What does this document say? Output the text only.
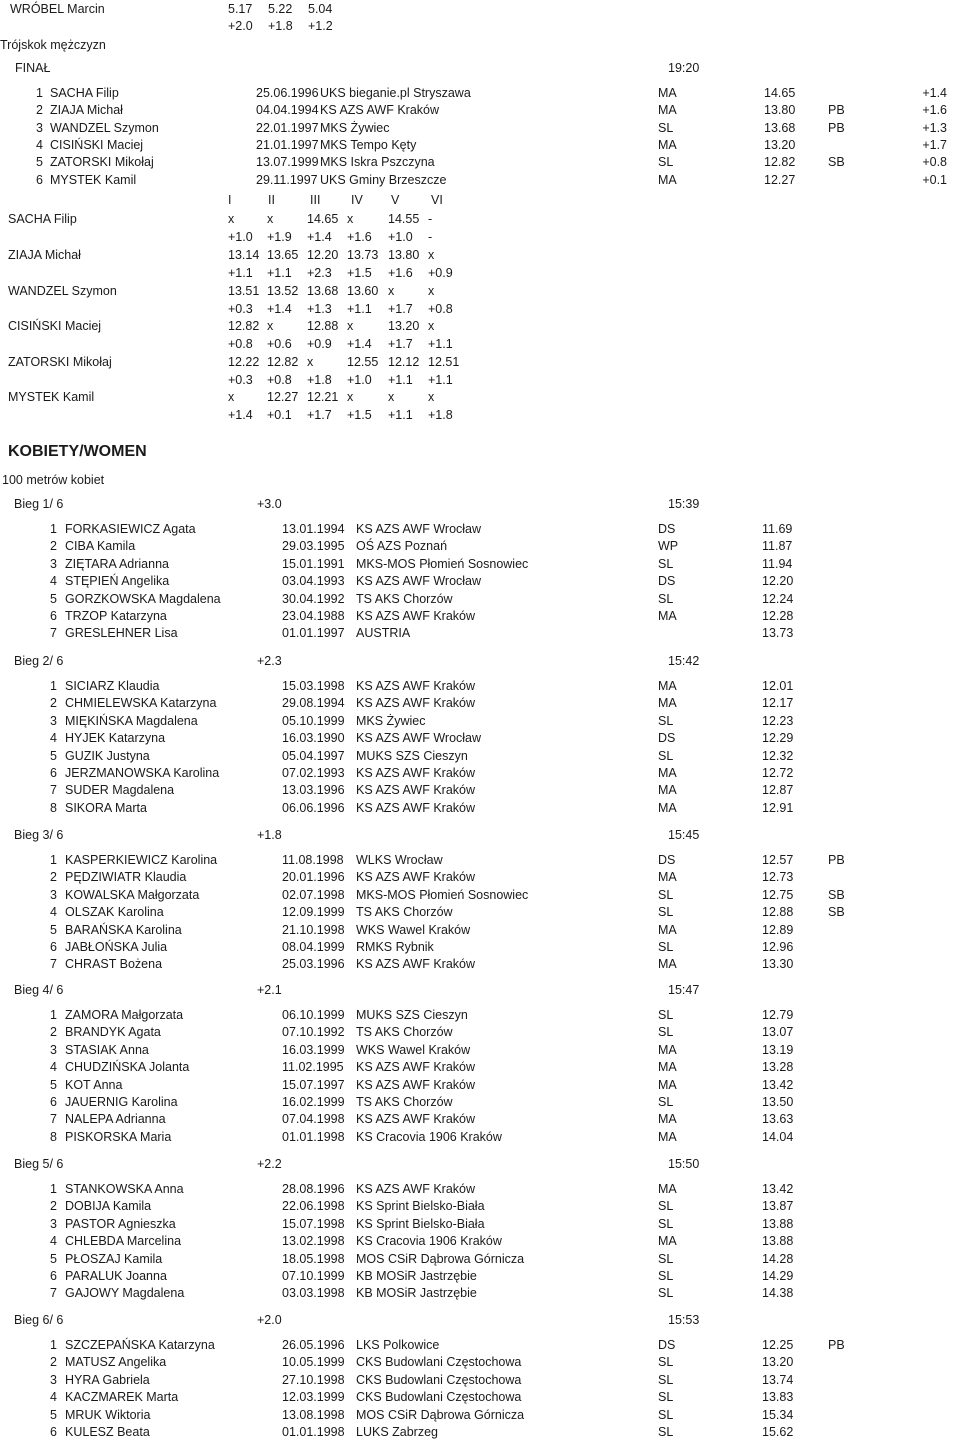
WRÓBEL Marcin	5.17 5.22 5.04
+2.0 +1.8 +1.2
Trójskok mężczyzn
FINAŁ	19:20
1 SACHA Filip	25.06.1996 UKS bieganie.pl Stryszawa	MA	14.65	+1.4
2 ZIAJA Michał	04.04.1994 KS AZS AWF Kraków	MA	13.80	PB	+1.6
3 WANDZEL Szymon	22.01.1997 MKS Żywiec	SL	13.68	PB	+1.3
4 CISIŃSKI Maciej	21.01.1997 MKS Tempo Kęty	MA	13.20	+1.7
5 ZATORSKI Mikołaj	13.07.1999 MKS Iskra Pszczyna	SL	12.82	SB	+0.8
6 MYSTEK Kamil	29.11.1997 UKS Gminy Brzeszcze	MA	12.27	+0.1
I	II	III IV V	VI
SACHA Filip	x	x	14.65 x	14.55 -
+1.0 +1.9 +1.4 +1.6 +1.0 -
ZIAJA Michał	13.14 13.65 12.20 13.73 13.80 x
+1.1 +1.1 +2.3 +1.5 +1.6 +0.9
WANDZEL Szymon	13.51 13.52 13.68 13.60 x	x
+0.3 +1.4 +1.3 +1.1 +1.7 +0.8
CISIŃSKI Maciej	12.82 x	12.88 x	13.20 x
+0.8 +0.6 +0.9 +1.4 +1.7 +1.1
ZATORSKI Mikołaj	12.22 12.82 x	12.55 12.12 12.51
+0.3 +0.8 +1.8 +1.0 +1.1 +1.1
MYSTEK Kamil	x	12.27 12.21 x	x	x
+1.4 +0.1 +1.7 +1.5 +1.1 +1.8
KOBIETY/WOMEN
100 metrów kobiet
Bieg 1/ 6	+3.0	15:39
1 FORKASIEWICZ Agata	13.01.1994 KS AZS AWF Wrocław	DS	11.69
2 CIBA Kamila	29.03.1995 OŚ AZS Poznań	WP	11.87
3 ZIĘTARA Adrianna	15.01.1991 MKS-MOS Płomień Sosnowiec	SL	11.94
4 STĘPIEŃ Angelika	03.04.1993 KS AZS AWF Wrocław	DS	12.20
5 GORZKOWSKA Magdalena	30.04.1992 TS AKS Chorzów	SL	12.24
6 TRZOP Katarzyna	23.04.1988 KS AZS AWF Kraków	MA	12.28
7 GRESLEHNER Lisa	01.01.1997 AUSTRIA	13.73
Bieg 2/ 6	+2.3	15:42
1 SICIARZ Klaudia	15.03.1998 KS AZS AWF Kraków	MA	12.01
2 CHMIELEWSKA Katarzyna	29.08.1994 KS AZS AWF Kraków	MA	12.17
3 MIĘKIŃSKA Magdalena	05.10.1999 MKS Żywiec	SL	12.23
4 HYJEK Katarzyna	16.03.1990 KS AZS AWF Wrocław	DS	12.29
5 GUZIK Justyna	05.04.1997 MUKS SZS Cieszyn	SL	12.32
6 JERZMANOWSKA Karolina	07.02.1993 KS AZS AWF Kraków	MA	12.72
7 SUDER Magdalena	13.03.1996 KS AZS AWF Kraków	MA	12.87
8 SIKORA Marta	06.06.1996 KS AZS AWF Kraków	MA	12.91
Bieg 3/ 6	+1.8	15:45
1 KASPERKIEWICZ Karolina	11.08.1998 WLKS Wrocław	DS	12.57	PB
2 PĘDZIWIATR Klaudia	20.01.1996 KS AZS AWF Kraków	MA	12.73
3 KOWALSKA Małgorzata	02.07.1998 MKS-MOS Płomień Sosnowiec	SL	12.75	SB
4 OLSZAK Karolina	12.09.1999 TS AKS Chorzów	SL	12.88	SB
5 BARAŃSKA Karolina	21.10.1998 WKS Wawel Kraków	MA	12.89
6 JABŁOŃSKA Julia	08.04.1999 RMKS Rybnik	SL	12.96
7 CHRAST Bożena	25.03.1996 KS AZS AWF Kraków	MA	13.30
Bieg 4/ 6	+2.1	15:47
1 ZAMORA Małgorzata	06.10.1999 MUKS SZS Cieszyn	SL	12.79
2 BRANDYK Agata	07.10.1992 TS AKS Chorzów	SL	13.07
3 STASIAK Anna	16.03.1999 WKS Wawel Kraków	MA	13.19
4 CHUDZIŃSKA Jolanta	11.02.1995 KS AZS AWF Kraków	MA	13.28
5 KOT Anna	15.07.1997 KS AZS AWF Kraków	MA	13.42
6 JAUERNIG Karolina	16.02.1999 TS AKS Chorzów	SL	13.50
7 NALEPA Adrianna	07.04.1998 KS AZS AWF Kraków	MA	13.63
8 PISKORSKA Maria	01.01.1998 KS Cracovia 1906 Kraków	MA	14.04
Bieg 5/ 6	+2.2	15:50
1 STANKOWSKA Anna	28.08.1996 KS AZS AWF Kraków	MA	13.42
2 DOBIJA Kamila	22.06.1998 KS Sprint Bielsko-Biała	SL	13.87
3 PASTOR Agnieszka	15.07.1998 KS Sprint Bielsko-Biała	SL	13.88
4 CHLEBDA Marcelina	13.02.1998 KS Cracovia 1906 Kraków	MA	13.88
5 PŁOSZAJ Kamila	18.05.1998 MOS CSiR Dąbrowa Górnicza	SL	14.28
6 PARALUK Joanna	07.10.1999 KB MOSiR Jastrzębie	SL	14.29
7 GAJOWY Magdalena	03.03.1998 KB MOSiR Jastrzębie	SL	14.38
Bieg 6/ 6	+2.0	15:53
1 SZCZEPAŃSKA Katarzyna	26.05.1996 LKS Polkowice	DS	12.25	PB
2 MATUSZ Angelika	10.05.1999 CKS Budowlani Częstochowa	SL	13.20
3 HYRA Gabriela	27.10.1998 CKS Budowlani Częstochowa	SL	13.74
4 KACZMAREK Marta	12.03.1999 CKS Budowlani Częstochowa	SL	13.83
5 MRUK Wiktoria	13.08.1998 MOS CSiR Dąbrowa Górnicza	SL	15.34
6 KULESZ Beata	01.01.1998 LUKS Zabrzeg	SL	15.62
